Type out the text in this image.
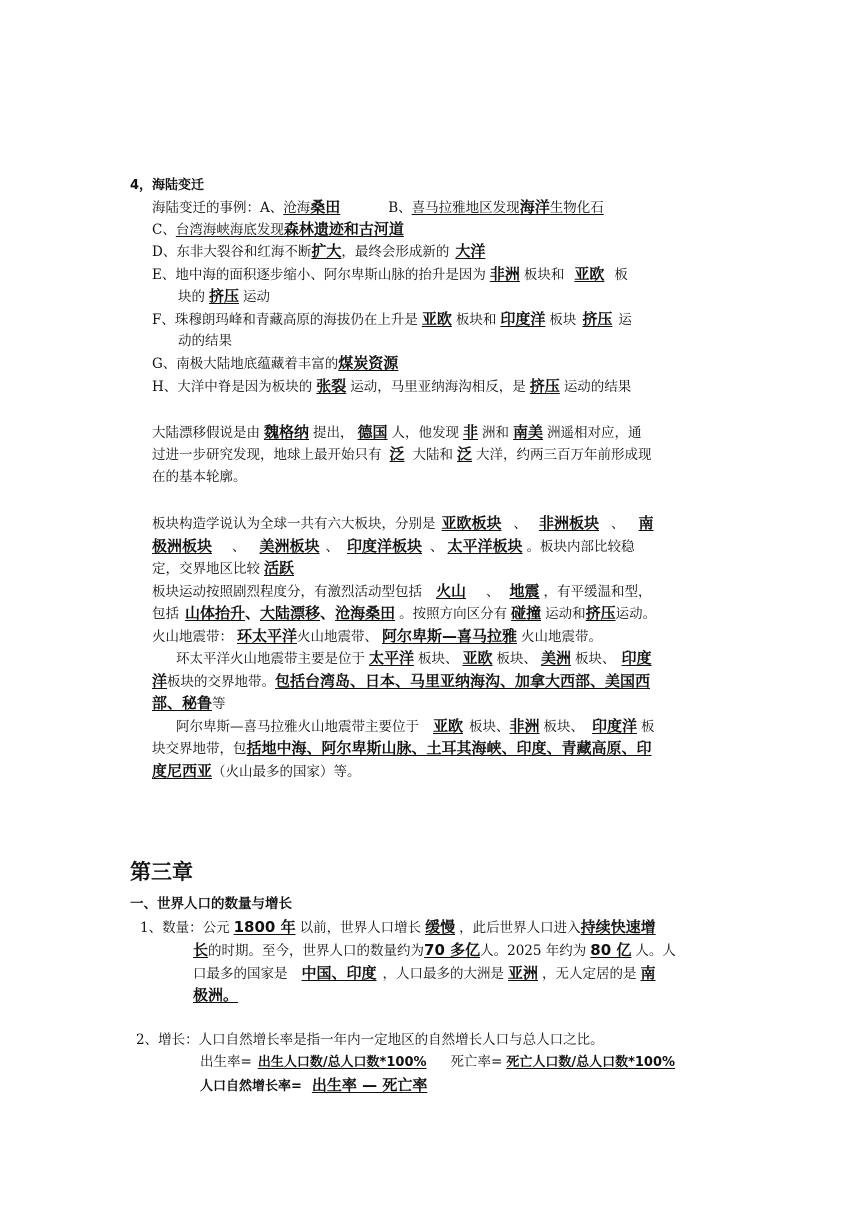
4，海陆变迁
海陆变迁的事例：A、沧海桑田	B、喜马拉雅地区发现海洋生物化石
C、台湾海峡海底发现森林遗迹和古河道
D、东非大裂谷和红海不断扩大，最终会形成新的 大洋
E、地中海的面积逐步缩小、阿尔卑斯山脉的抬升是因为 非洲 板块和 亚欧 板
块的 挤压 运动
F、珠穆朗玛峰和青藏高原的海拔仍在上升是 亚欧 板块和 印度洋 板块 挤压 运
动的结果
G、南极大陆地底蕴藏着丰富的煤炭资源
H、大洋中脊是因为板块的 张裂 运动，马里亚纳海沟相反，是 挤压 运动的结果
大陆漂移假说是由 魏格纳 提出， 德国 人，他发现 非 洲和 南美 洲遥相对应，通
过进一步研究发现，地球上最开始只有 泛 大陆和 泛 大洋，约两三百万年前形成现
在的基本轮廓。
板块构造学说认为全球一共有六大板块，分别是 亚欧板块 、 非洲板块 、 南
极洲板块 、 美洲板块 、 印度洋板块 、 太平洋板块 。板块内部比较稳
定，交界地区比较 活跃
板块运动按照剧烈程度分，有激烈活动型包括 火山 、 地震 ，有平缓温和型，
包括 山体抬升、大陆漂移、沧海桑田 。按照方向区分有 碰撞 运动和挤压运动。
火山地震带： 环太平洋火山地震带、 阿尔卑斯—喜马拉雅 火山地震带。
环太平洋火山地震带主要是位于 太平洋 板块、 亚欧 板块、 美洲 板块、 印度
洋板块的交界地带。包括台湾岛、日本、马里亚纳海沟、加拿大西部、美国西
部、秘鲁等
阿尔卑斯—喜马拉雅火山地震带主要位于 亚欧 板块、非洲 板块、 印度洋 板
块交界地带，包括地中海、阿尔卑斯山脉、土耳其海峡、印度、青藏高原、印
度尼西亚（火山最多的国家）等。
第三章
一、世界人口的数量与增长
1、数量：公元 1800 年 以前，世界人口增长 缓慢 ，此后世界人口进入持续快速增
长的时期。至今，世界人口的数量约为70 多亿人。2025 年约为 80 亿 人。人
口最多的国家是 中国、印度 ，人口最多的大洲是 亚洲 ，无人定居的是 南
极洲。
2、增长：人口自然增长率是指一年内一定地区的自然增长人口与总人口之比。
出生率= 出生人口数/总人口数*100% 死亡率= 死亡人口数/总人口数*100%
人口自然增长率= 出生率 — 死亡率
